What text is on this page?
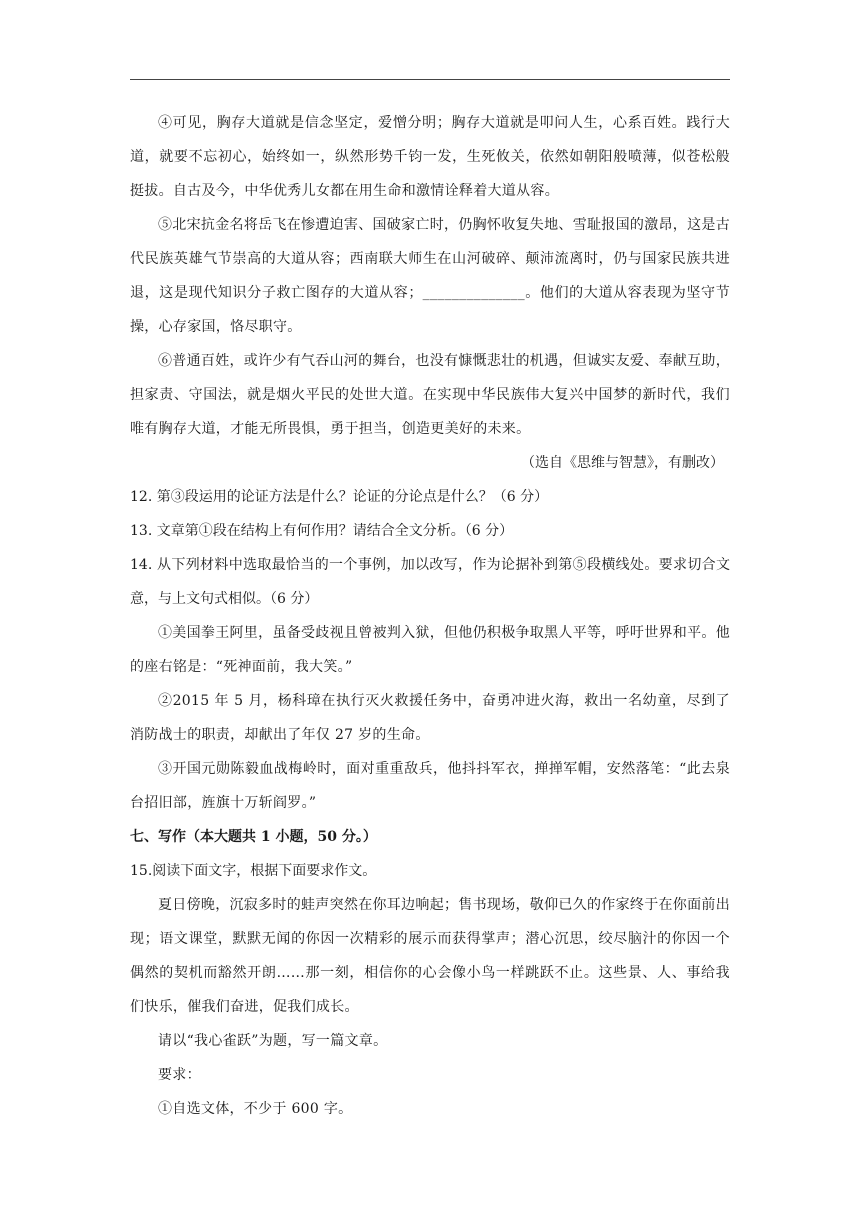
④可见，胸存大道就是信念坚定，爱憎分明；胸存大道就是叩问人生，心系百姓。践行大道，就要不忘初心，始终如一，纵然形势千钧一发，生死攸关，依然如朝阳般喷薄，似苍松般挺拔。自古及今，中华优秀儿女都在用生命和激情诠释着大道从容。

⑤北宋抗金名将岳飞在惨遭迫害、国破家亡时，仍胸怀收复失地、雪耻报国的激昂，这是古代民族英雄气节崇高的大道从容；西南联大师生在山河破碎、颠沛流离时，仍与国家民族共进退，这是现代知识分子救亡图存的大道从容；______________。他们的大道从容表现为坚守节操，心存家国，恪尽职守。

⑥普通百姓，或许少有气吞山河的舞台，也没有慷慨悲壮的机遇，但诚实友爱、奉献互助，担家责、守国法，就是烟火平民的处世大道。在实现中华民族伟大复兴中国梦的新时代，我们唯有胸存大道，才能无所畏惧，勇于担当，创造更美好的未来。

（选自《思维与智慧》，有删改）

12. 第③段运用的论证方法是什么？论证的分论点是什么？（6 分）

13. 文章第①段在结构上有何作用？请结合全文分析。（6 分）

14. 从下列材料中选取最恰当的一个事例，加以改写，作为论据补到第⑤段横线处。要求切合文意，与上文句式相似。（6 分）

①美国拳王阿里，虽备受歧视且曾被判入狱，但他仍积极争取黑人平等，呼吁世界和平。他的座右铭是：“死神面前，我大笑。”

②2015 年 5 月，杨科璋在执行灭火救援任务中，奋勇冲进火海，救出一名幼童，尽到了消防战士的职责，却献出了年仅 27 岁的生命。

③开国元勋陈毅血战梅岭时，面对重重敌兵，他抖抖军衣，掸掸军帽，安然落笔：“此去泉台招旧部，旌旗十万斩阎罗。”

七、写作（本大题共 1 小题，50 分。）

15.阅读下面文字，根据下面要求作文。

夏日傍晚，沉寂多时的蛙声突然在你耳边响起；售书现场，敬仰已久的作家终于在你面前出现；语文课堂，默默无闻的你因一次精彩的展示而获得掌声；潜心沉思，绞尽脑汁的你因一个偶然的契机而豁然开朗……那一刻，相信你的心会像小鸟一样跳跃不止。这些景、人、事给我们快乐，催我们奋进，促我们成长。

请以“我心雀跃”为题，写一篇文章。

要求：

①自选文体，不少于 600 字。
